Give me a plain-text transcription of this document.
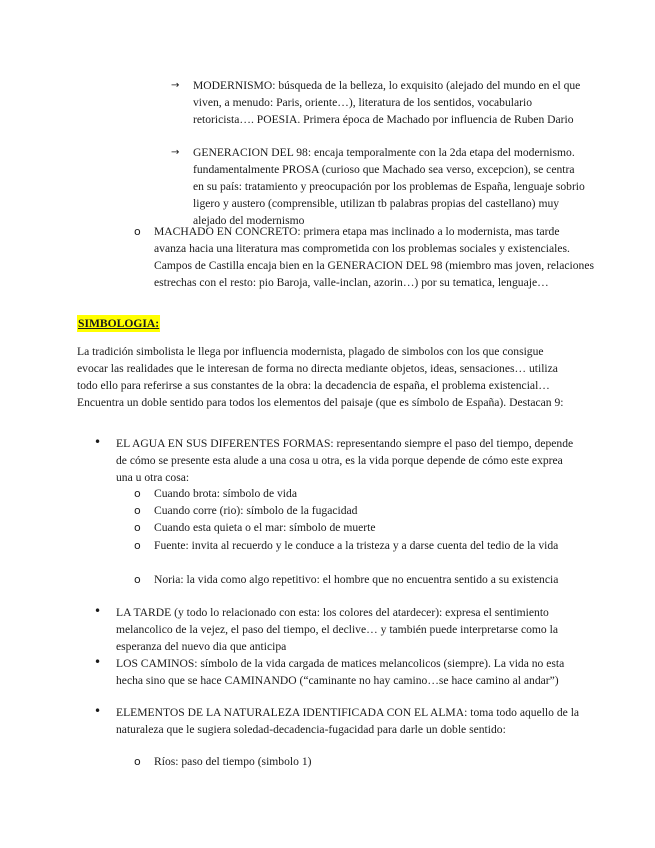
→ MODERNISMO: búsqueda de la belleza, lo exquisito (alejado del mundo en el que viven, a menudo: Paris, oriente…), literatura de los sentidos, vocabulario retoricista…. POESIA. Primera época de Machado por influencia de Ruben Dario
→ GENERACION DEL 98: encaja temporalmente con la 2da etapa del modernismo. fundamentalmente PROSA (curioso que Machado sea verso, excepcion), se centra en su país: tratamiento y preocupación por los problemas de España, lenguaje sobrio ligero y austero (comprensible, utilizan tb palabras propias del castellano) muy alejado del modernismo
o MACHADO EN CONCRETO: primera etapa mas inclinado a lo modernista, mas tarde avanza hacia una literatura mas comprometida con los problemas sociales y existenciales. Campos de Castilla encaja bien en la GENERACION DEL 98 (miembro mas joven, relaciones estrechas con el resto: pio Baroja, valle-inclan, azorin…) por su tematica, lenguaje…
SIMBOLOGIA:
La tradición simbolista le llega por influencia modernista, plagado de simbolos con los que consigue evocar las realidades que le interesan de forma no directa mediante objetos, ideas, sensaciones… utiliza todo ello para referirse a sus constantes de la obra: la decadencia de españa, el problema existencial… Encuentra un doble sentido para todos los elementos del paisaje (que es símbolo de España). Destacan 9:
• EL AGUA EN SUS DIFERENTES FORMAS: representando siempre el paso del tiempo, depende de cómo se presente esta alude a una cosa u otra, es la vida porque depende de cómo este exprea una u otra cosa:
o Cuando brota: símbolo de vida
o Cuando corre (rio): símbolo de la fugacidad
o Cuando esta quieta o el mar: símbolo de muerte
o Fuente: invita al recuerdo y le conduce a la tristeza y a darse cuenta del tedio de la vida
o Noria: la vida como algo repetitivo: el hombre que no encuentra sentido a su existencia
• LA TARDE (y todo lo relacionado con esta: los colores del atardecer): expresa el sentimiento melancolico de la vejez, el paso del tiempo, el declive… y también puede interpretarse como la esperanza del nuevo dia que anticipa
• LOS CAMINOS: símbolo de la vida cargada de matices melancolicos (siempre). La vida no esta hecha sino que se hace CAMINANDO (“caminante no hay camino…se hace camino al andar”)
• ELEMENTOS DE LA NATURALEZA IDENTIFICADA CON EL ALMA: toma todo aquello de la naturaleza que le sugiera soledad-decadencia-fugacidad para darle un doble sentido:
o Ríos: paso del tiempo (simbolo 1)
